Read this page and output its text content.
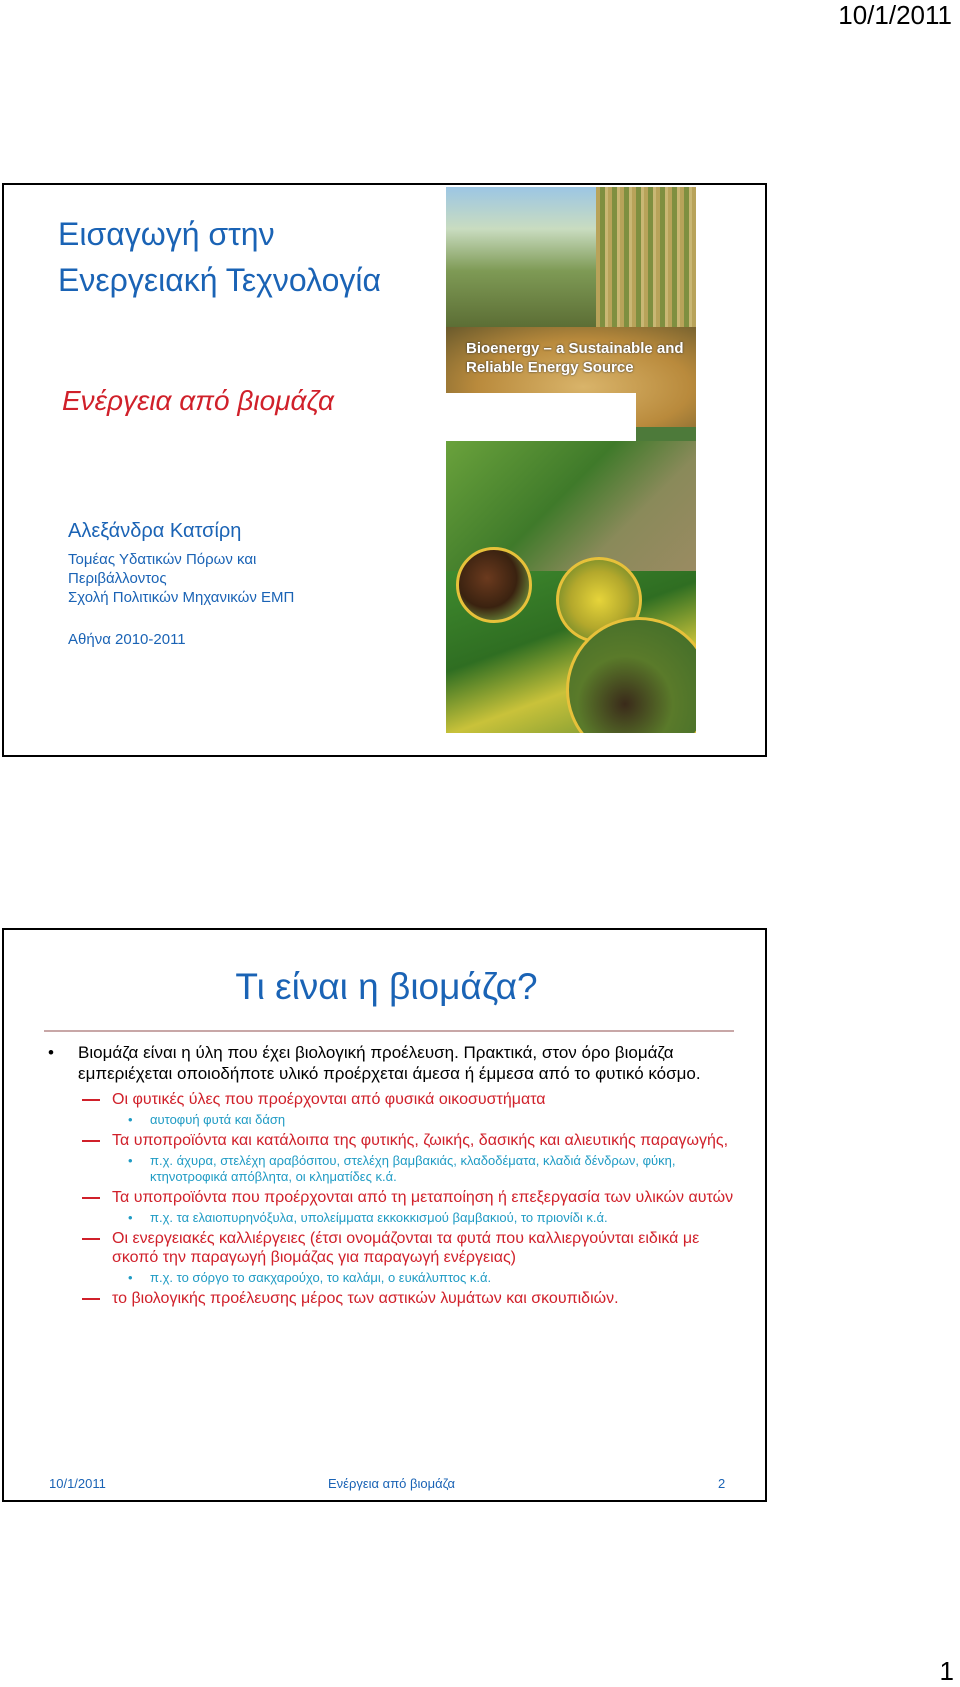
10/1/2011
Εισαγωγή στην Ενεργειακή Τεχνολογία
Ενέργεια από βιομάζα
Αλεξάνδρα Κατσίρη
Τομέας Υδατικών Πόρων και Περιβάλλοντος
Σχολή Πολιτικών Μηχανικών ΕΜΠ
Αθήνα 2010-2011
Bioenergy – a Sustainable and Reliable Energy Source
Τι είναι η βιομάζα?
• Βιομάζα είναι η ύλη που έχει βιολογική προέλευση. Πρακτικά, στον όρο βιομάζα εμπεριέχεται οποιοδήποτε υλικό προέρχεται άμεσα ή έμμεσα από το φυτικό κόσμο.
Οι φυτικές ύλες που προέρχονται από φυσικά οικοσυστήματα
• αυτοφυή φυτά και δάση
Τα υποπροϊόντα και κατάλοιπα της φυτικής, ζωικής, δασικής και αλιευτικής παραγωγής,
• π.χ. άχυρα, στελέχη αραβόσιτου, στελέχη βαμβακιάς, κλαδοδέματα, κλαδιά δένδρων, φύκη, κτηνοτροφικά απόβλητα, οι κληματίδες κ.ά.
Τα υποπροϊόντα που προέρχονται από τη μεταποίηση ή επεξεργασία των υλικών αυτών
• π.χ. τα ελαιοπυρηνόξυλα, υπολείμματα εκκοκκισμού βαμβακιού, το πριονίδι κ.ά.
Οι ενεργειακές καλλιέργειες (έτσι ονομάζονται τα φυτά που καλλιεργούνται ειδικά με σκοπό την παραγωγή βιομάζας για παραγωγή ενέργειας)
• π.χ. το σόργο το σακχαρούχο, το καλάμι, ο ευκάλυπτος κ.ά.
το βιολογικής προέλευσης μέρος των αστικών λυμάτων και σκουπιδιών.
10/1/2011	Ενέργεια από βιομάζα	2
1
